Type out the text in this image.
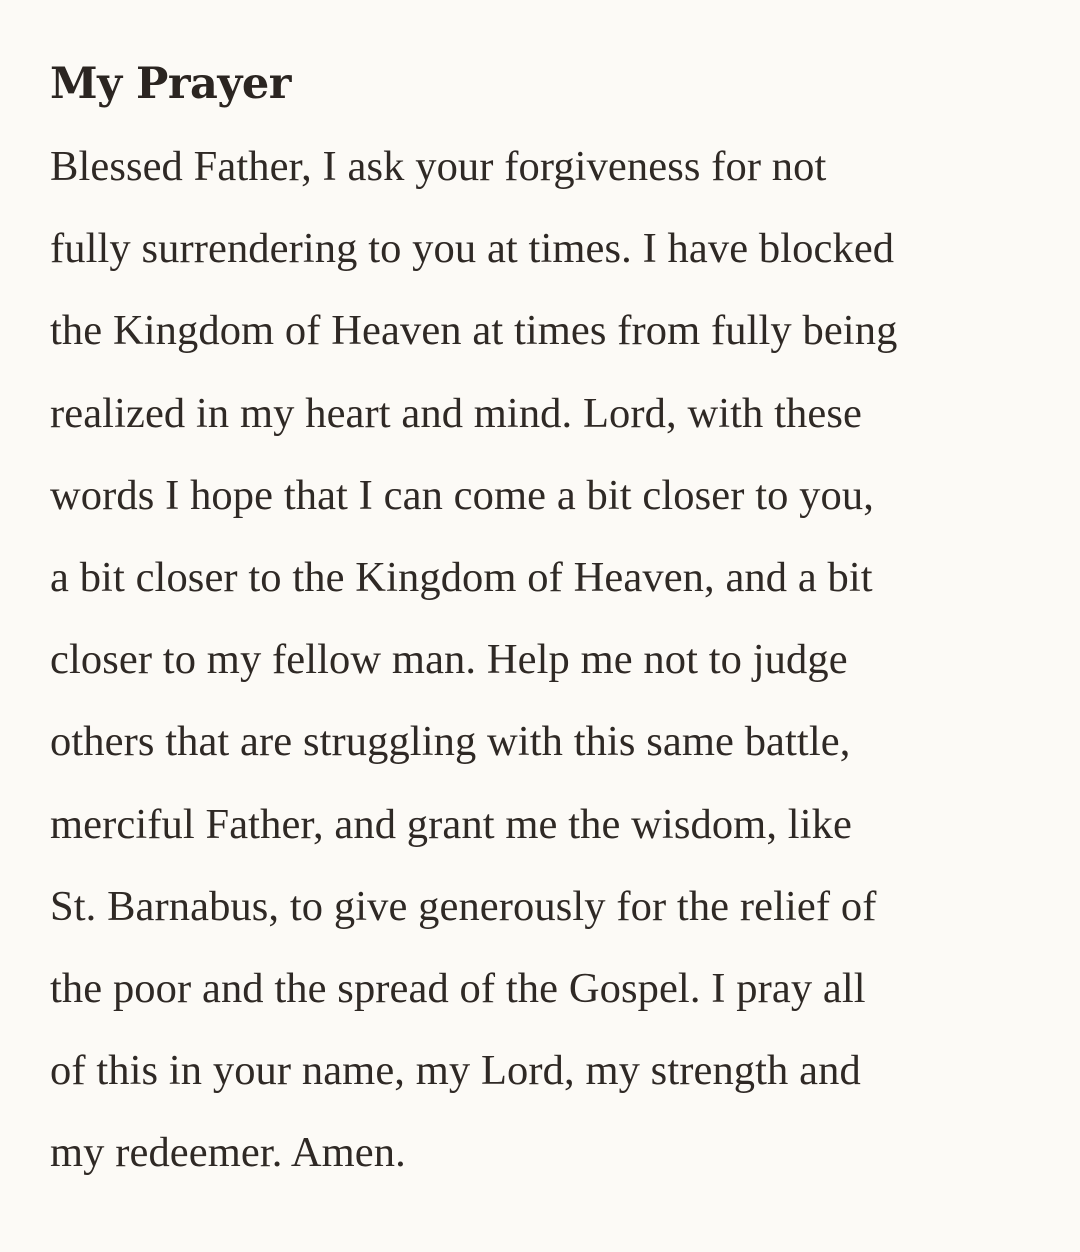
My Prayer

Blessed Father, I ask your forgiveness for not
fully surrendering to you at times. I have blocked
the Kingdom of Heaven at times from fully being
realized in my heart and mind. Lord, with these
words I hope that I can come a bit closer to you,
a bit closer to the Kingdom of Heaven, and a bit
closer to my fellow man. Help me not to judge
others that are struggling with this same battle,
merciful Father, and grant me the wisdom, like
St. Barnabus, to give generously for the relief of
the poor and the spread of the Gospel. I pray all
of this in your name, my Lord, my strength and
my redeemer. Amen.
